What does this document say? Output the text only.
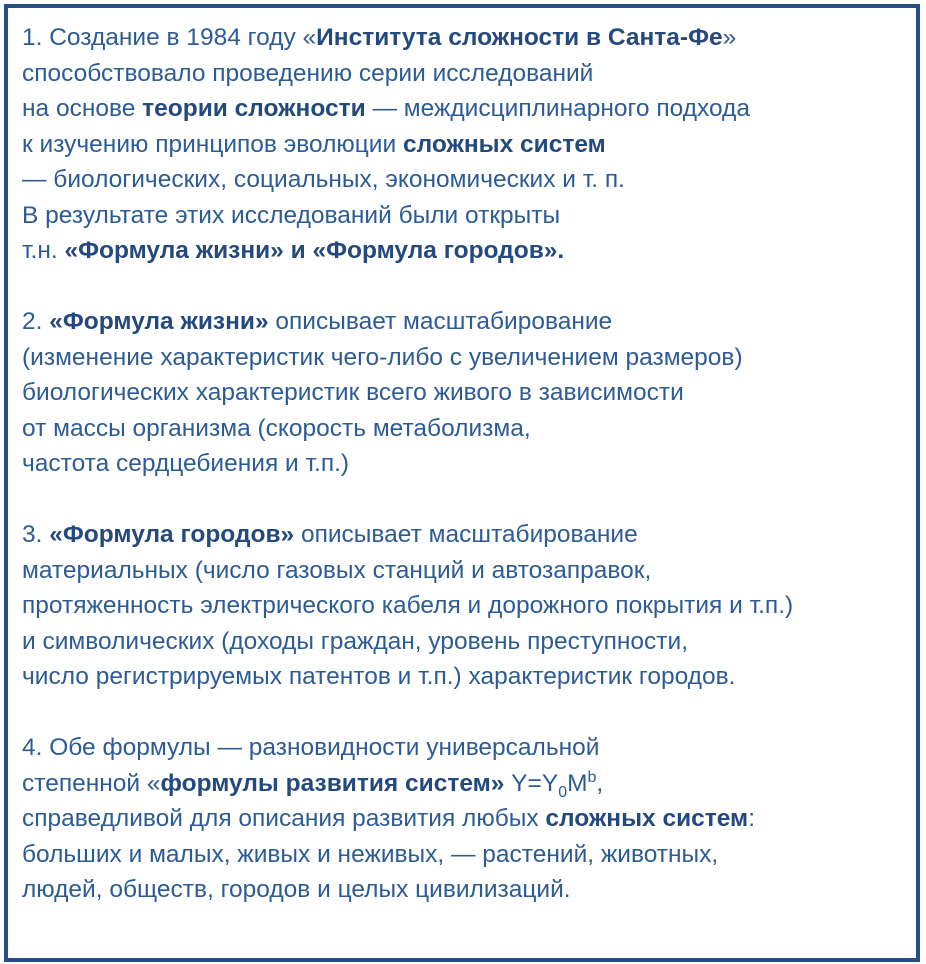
1. Создание в 1984 году «Института сложности в Санта-Фе»
способствовало проведению серии исследований
на основе теории сложности — междисциплинарного подхода
к изучению принципов эволюции сложных систем
— биологических, социальных, экономических и т. п.
В результате этих исследований были открыты
т.н. «Формула жизни» и «Формула городов».
2. «Формула жизни» описывает масштабирование
(изменение характеристик чего-либо с увеличением размеров)
биологических характеристик всего живого в зависимости
от массы организма (скорость метаболизма,
частота сердцебиения и т.п.)
3. «Формула городов» описывает масштабирование
материальных (число газовых станций и автозаправок,
протяженность электрического кабеля и дорожного покрытия и т.п.)
и символических (доходы граждан, уровень преступности,
число регистрируемых патентов и т.п.) характеристик городов.
4. Обе формулы — разновидности универсальной
степенной «формулы развития систем» $Y=Y_0M^b$,
справедливой для описания развития любых сложных систем:
больших и малых, живых и неживых, — растений, животных,
людей, обществ, городов и целых цивилизаций.
